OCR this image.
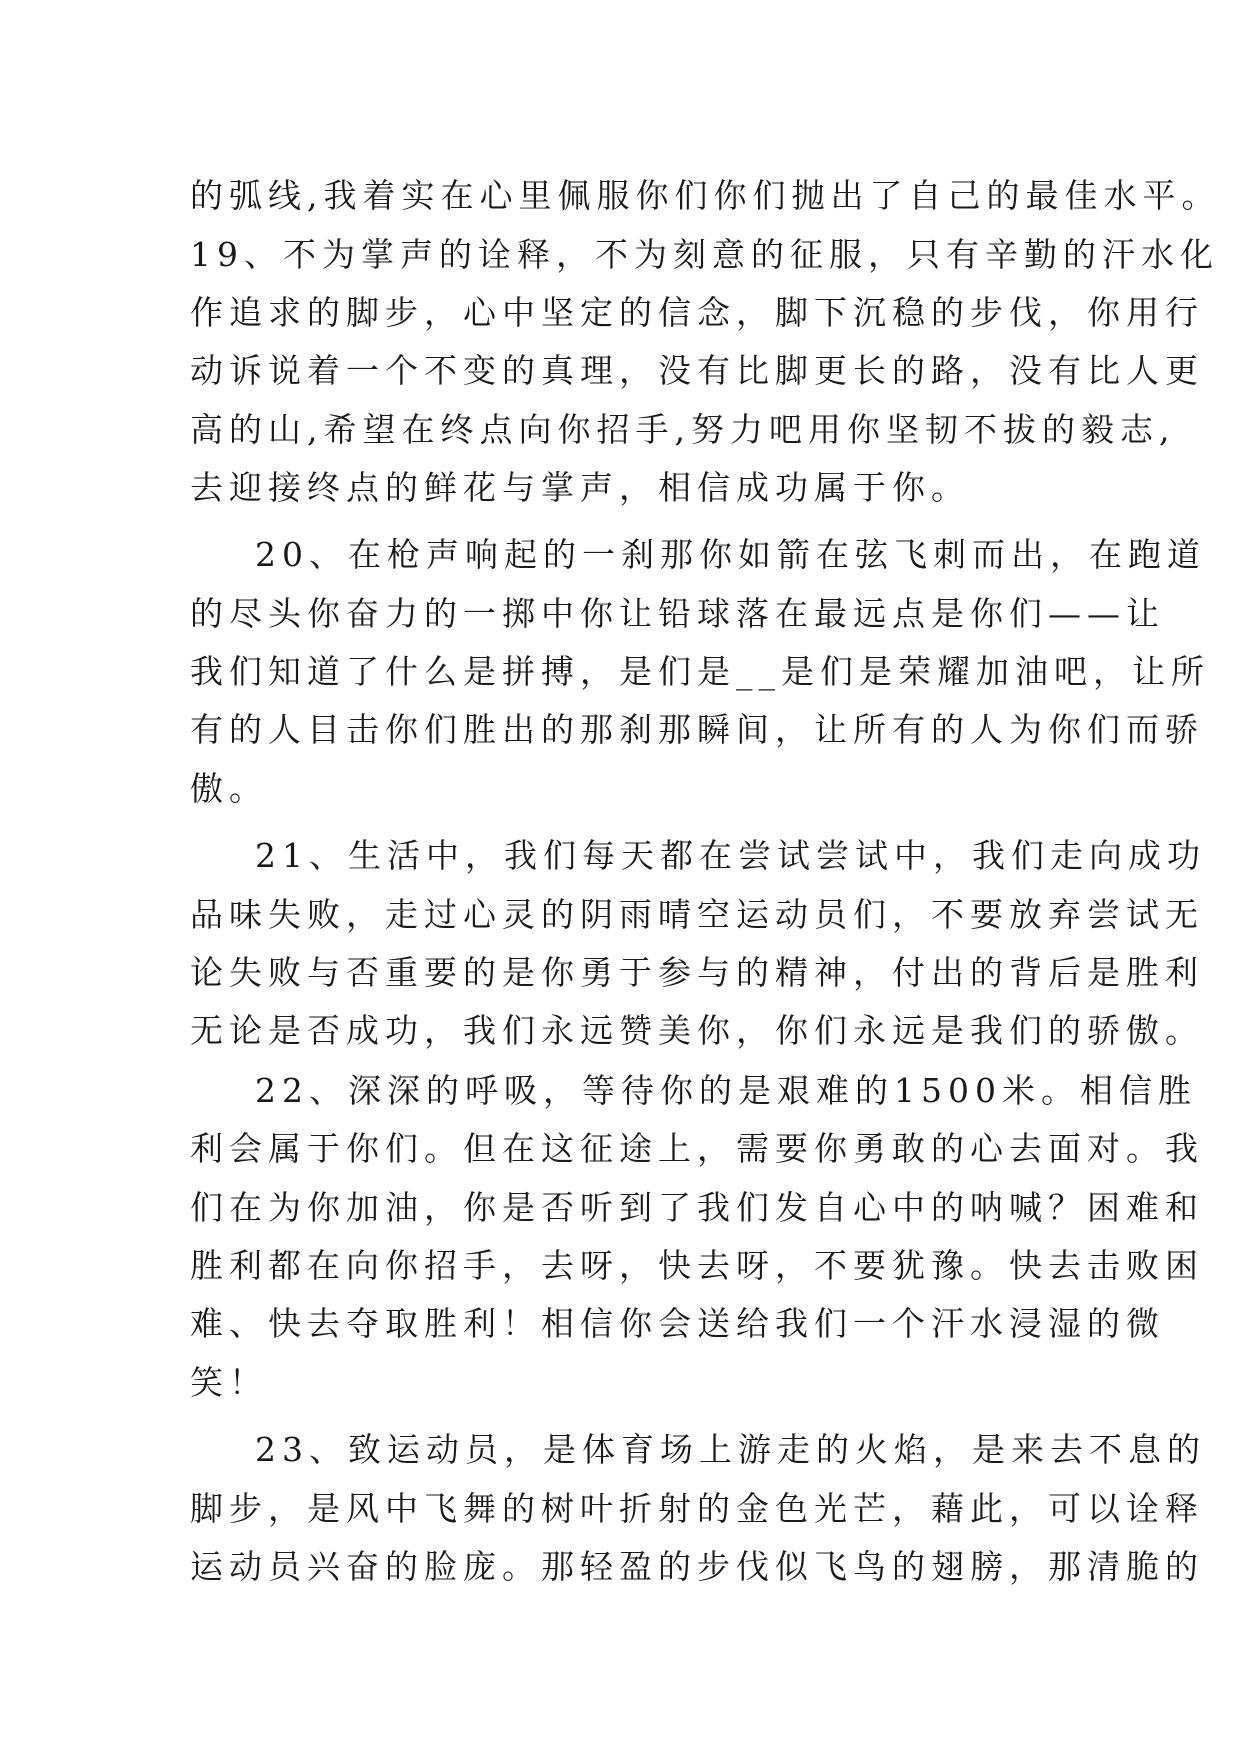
的弧线,我着实在心里佩服你们你们抛出了自己的最佳水平。
19、不为掌声的诠释，不为刻意的征服，只有辛勤的汗水化
作追求的脚步，心中坚定的信念，脚下沉稳的步伐，你用行
动诉说着一个不变的真理，没有比脚更长的路，没有比人更
高的山,希望在终点向你招手,努力吧用你坚韧不拔的毅志,
去迎接终点的鲜花与掌声，相信成功属于你。
20、在枪声响起的一刹那你如箭在弦飞刺而出，在跑道
的尽头你奋力的一掷中你让铅球落在最远点是你们——让
我们知道了什么是拼搏，是们是__是们是荣耀加油吧，让所
有的人目击你们胜出的那刹那瞬间，让所有的人为你们而骄
傲。
21、生活中，我们每天都在尝试尝试中，我们走向成功
品味失败，走过心灵的阴雨晴空运动员们，不要放弃尝试无
论失败与否重要的是你勇于参与的精神，付出的背后是胜利
无论是否成功，我们永远赞美你，你们永远是我们的骄傲。
22、深深的呼吸，等待你的是艰难的1500米。相信胜
利会属于你们。但在这征途上，需要你勇敢的心去面对。我
们在为你加油，你是否听到了我们发自心中的呐喊？困难和
胜利都在向你招手，去呀，快去呀，不要犹豫。快去击败困
难、快去夺取胜利！相信你会送给我们一个汗水浸湿的微
笑！
23、致运动员，是体育场上游走的火焰，是来去不息的
脚步，是风中飞舞的树叶折射的金色光芒，藉此，可以诠释
运动员兴奋的脸庞。那轻盈的步伐似飞鸟的翅膀，那清脆的
